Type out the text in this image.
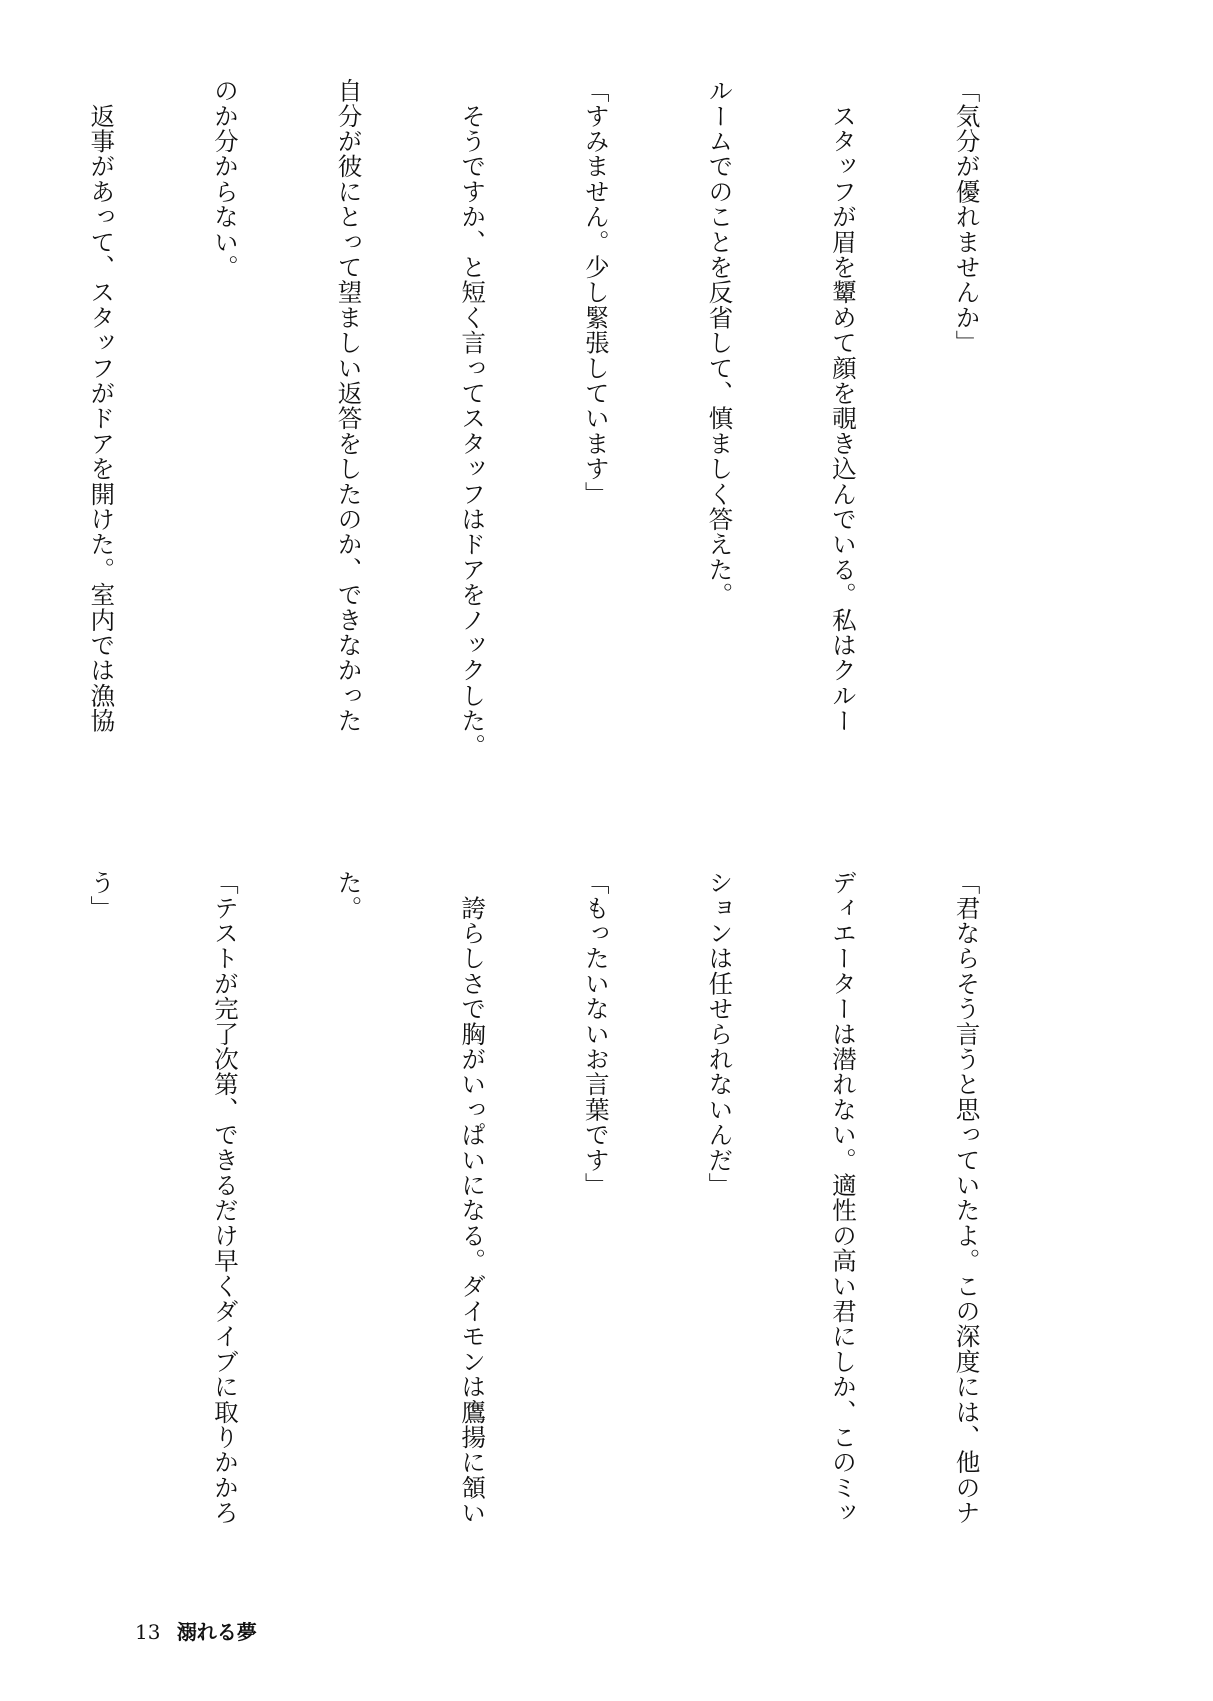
「気分が優れませんか」

　スタッフが眉を顰めて顔を覗き込んでいる。私はクルー

ルームでのことを反省して、慎ましく答えた。

「すみません。少し緊張しています」

　そうですか、と短く言ってスタッフはドアをノックした。

自分が彼にとって望ましい返答をしたのか、できなかった

のか分からない。

　返事があって、スタッフがドアを開けた。室内では漁協

「君ならそう言うと思っていたよ。この深度には、他のナ

ディエーターは潜れない。適性の高い君にしか、このミッ

ションは任せられないんだ」

「もったいないお言葉です」

　誇らしさで胸がいっぱいになる。ダイモンは鷹揚に頷い

た。

「テストが完了次第、できるだけ早くダイブに取りかかろ

う」

13 溺れる夢
